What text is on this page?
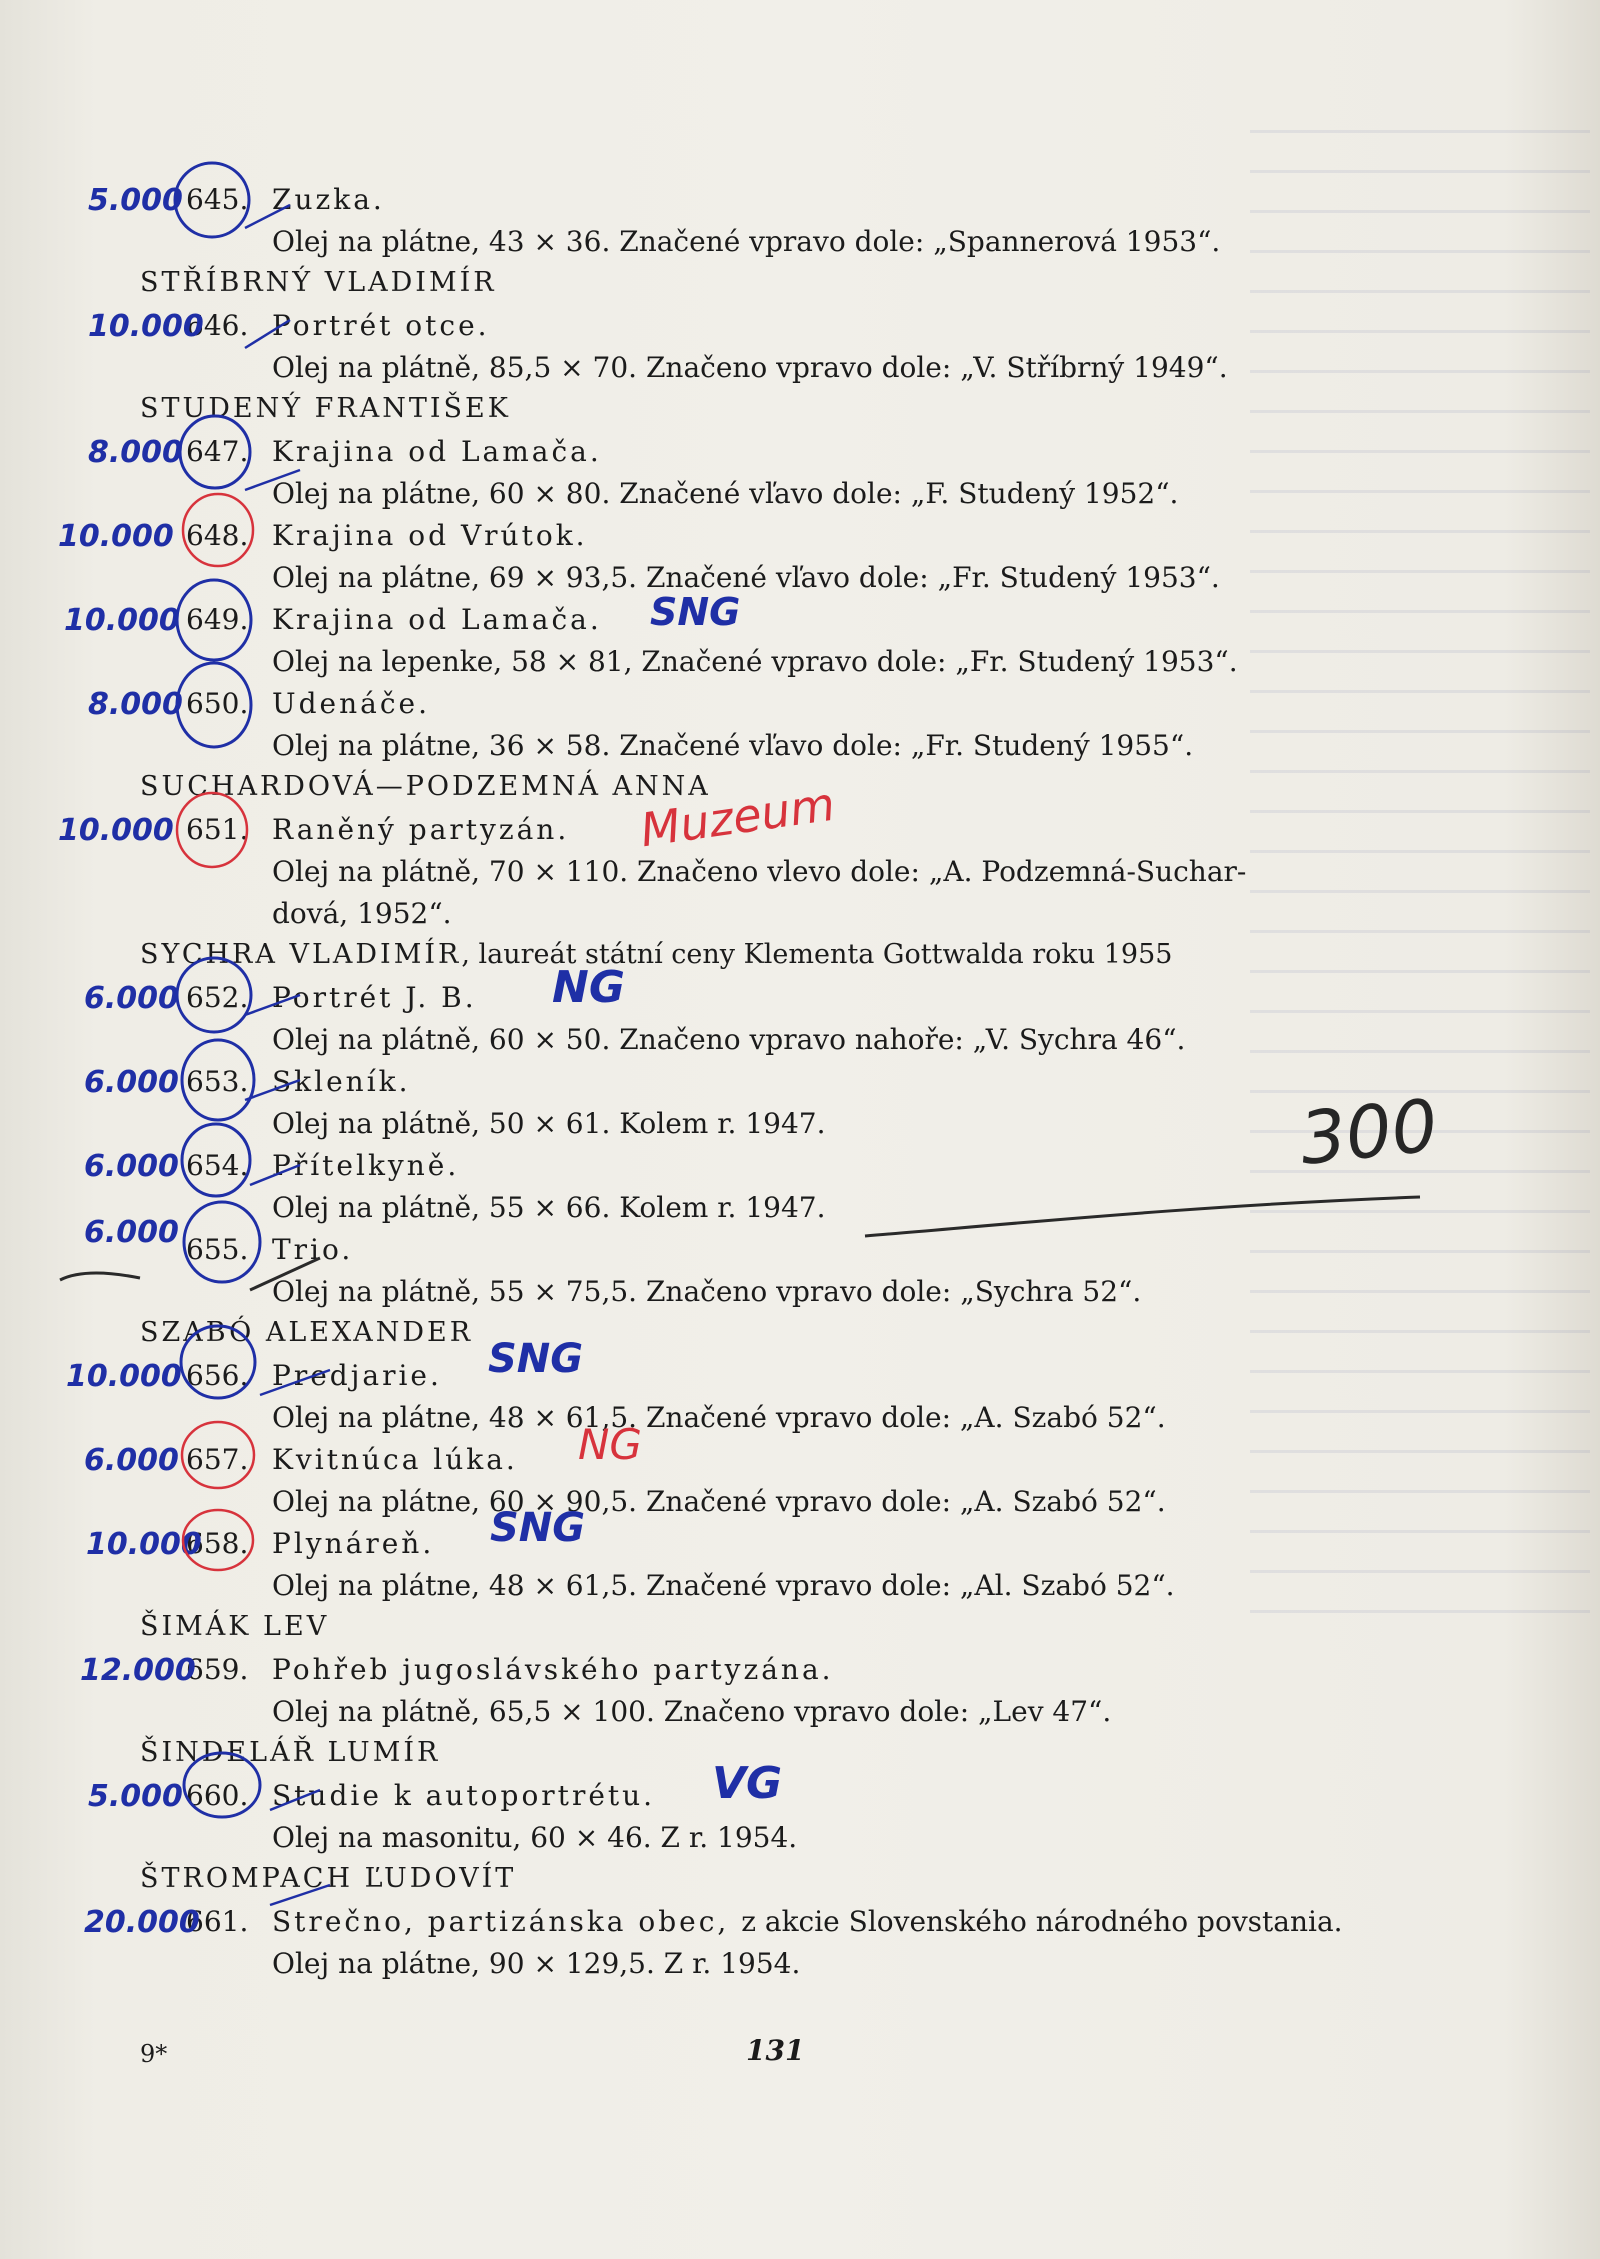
645. Zuzka.
Olej na plátne, 43 × 36. Značené vpravo dole: „Spannerová 1953“.
STŘÍBRNÝ VLADIMÍR
646. Portrét otce.
Olej na plátně, 85,5 × 70. Značeno vpravo dole: „V. Stříbrný 1949“.
STUDENÝ FRANTIŠEK
647. Krajina od Lamača.
Olej na plátne, 60 × 80. Značené vľavo dole: „F. Studený 1952“.
648. Krajina od Vrútok.
Olej na plátne, 69 × 93,5. Značené vľavo dole: „Fr. Studený 1953“.
649. Krajina od Lamača.
Olej na lepenke, 58 × 81, Značené vpravo dole: „Fr. Studený 1953“.
650. Udenáče.
Olej na plátne, 36 × 58. Značené vľavo dole: „Fr. Studený 1955“.
SUCHARDOVÁ—PODZEMNÁ ANNA
651. Raněný partyzán.
Olej na plátně, 70 × 110. Značeno vlevo dole: „A. Podzemná-Suchar-
dová, 1952“.
SYCHRA VLADIMÍR, laureát státní ceny Klementa Gottwalda roku 1955
652. Portrét J. B.
Olej na plátně, 60 × 50. Značeno vpravo nahoře: „V. Sychra 46“.
653. Skleník.
Olej na plátně, 50 × 61. Kolem r. 1947.
654. Přítelkyně.
Olej na plátně, 55 × 66. Kolem r. 1947.
655. Trio.
Olej na plátně, 55 × 75,5. Značeno vpravo dole: „Sychra 52“.
SZABÓ ALEXANDER
656. Predjarie.
Olej na plátne, 48 × 61,5. Značené vpravo dole: „A. Szabó 52“.
657. Kvitnúca lúka.
Olej na plátne, 60 × 90,5. Značené vpravo dole: „A. Szabó 52“.
658. Plynáreň.
Olej na plátne, 48 × 61,5. Značené vpravo dole: „Al. Szabó 52“.
ŠIMÁK LEV
659. Pohřeb jugoslávského partyzána.
Olej na plátně, 65,5 × 100. Značeno vpravo dole: „Lev 47“.
ŠINDELÁŘ LUMÍR
660. Studie k autoportrétu.
Olej na masonitu, 60 × 46. Z r. 1954.
ŠTROMPACH ĽUDOVÍT
661. Strečno, partizánska obec, z akcie Slovenského národného povstania.
Olej na plátne, 90 × 129,5. Z r. 1954.
9*	131
5.000
10.000
8.000
10.000
10.000
8.000
10.000
6.000
6.000
6.000
6.000
10.000
6.000
10.000
12.000
5.000
20.000
SNG
Muzeum
NG
SNG
NG
SNG
VG
300
